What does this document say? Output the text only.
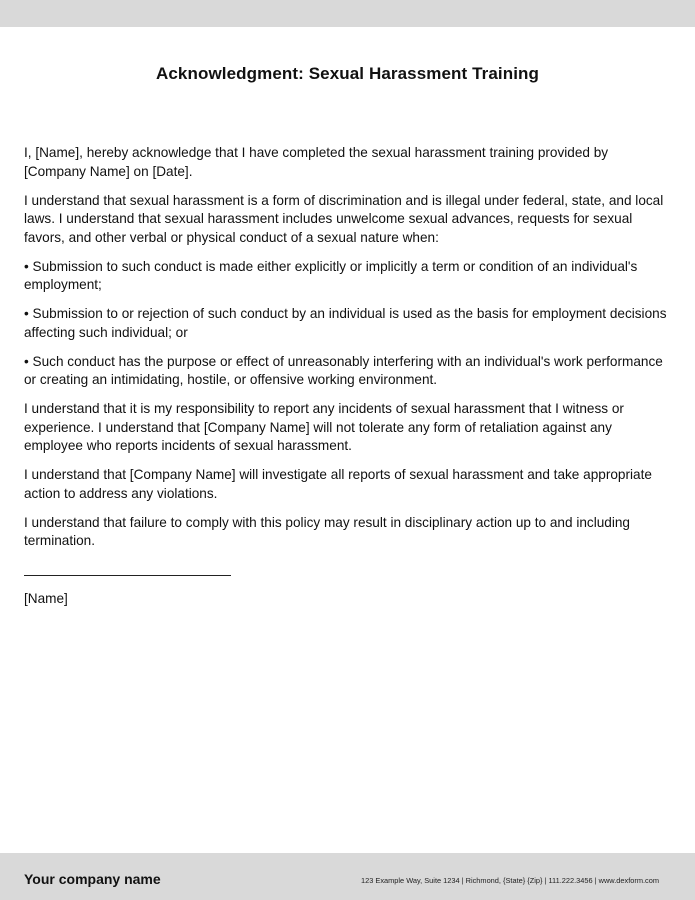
Acknowledgment: Sexual Harassment Training

I, [Name], hereby acknowledge that I have completed the sexual harassment training provided by [Company Name] on [Date].

I understand that sexual harassment is a form of discrimination and is illegal under federal, state, and local laws. I understand that sexual harassment includes unwelcome sexual advances, requests for sexual favors, and other verbal or physical conduct of a sexual nature when:

• Submission to such conduct is made either explicitly or implicitly a term or condition of an individual's employment;

• Submission to or rejection of such conduct by an individual is used as the basis for employment decisions affecting such individual; or

• Such conduct has the purpose or effect of unreasonably interfering with an individual's work performance or creating an intimidating, hostile, or offensive working environment.

I understand that it is my responsibility to report any incidents of sexual harassment that I witness or experience. I understand that [Company Name] will not tolerate any form of retaliation against any employee who reports incidents of sexual harassment.

I understand that [Company Name] will investigate all reports of sexual harassment and take appropriate action to address any violations.

I understand that failure to comply with this policy may result in disciplinary action up to and including termination.

[Name]
Your company name	123 Example Way, Suite 1234 | Richmond, {State} {Zip} | 111.222.3456 | www.dexform.com
